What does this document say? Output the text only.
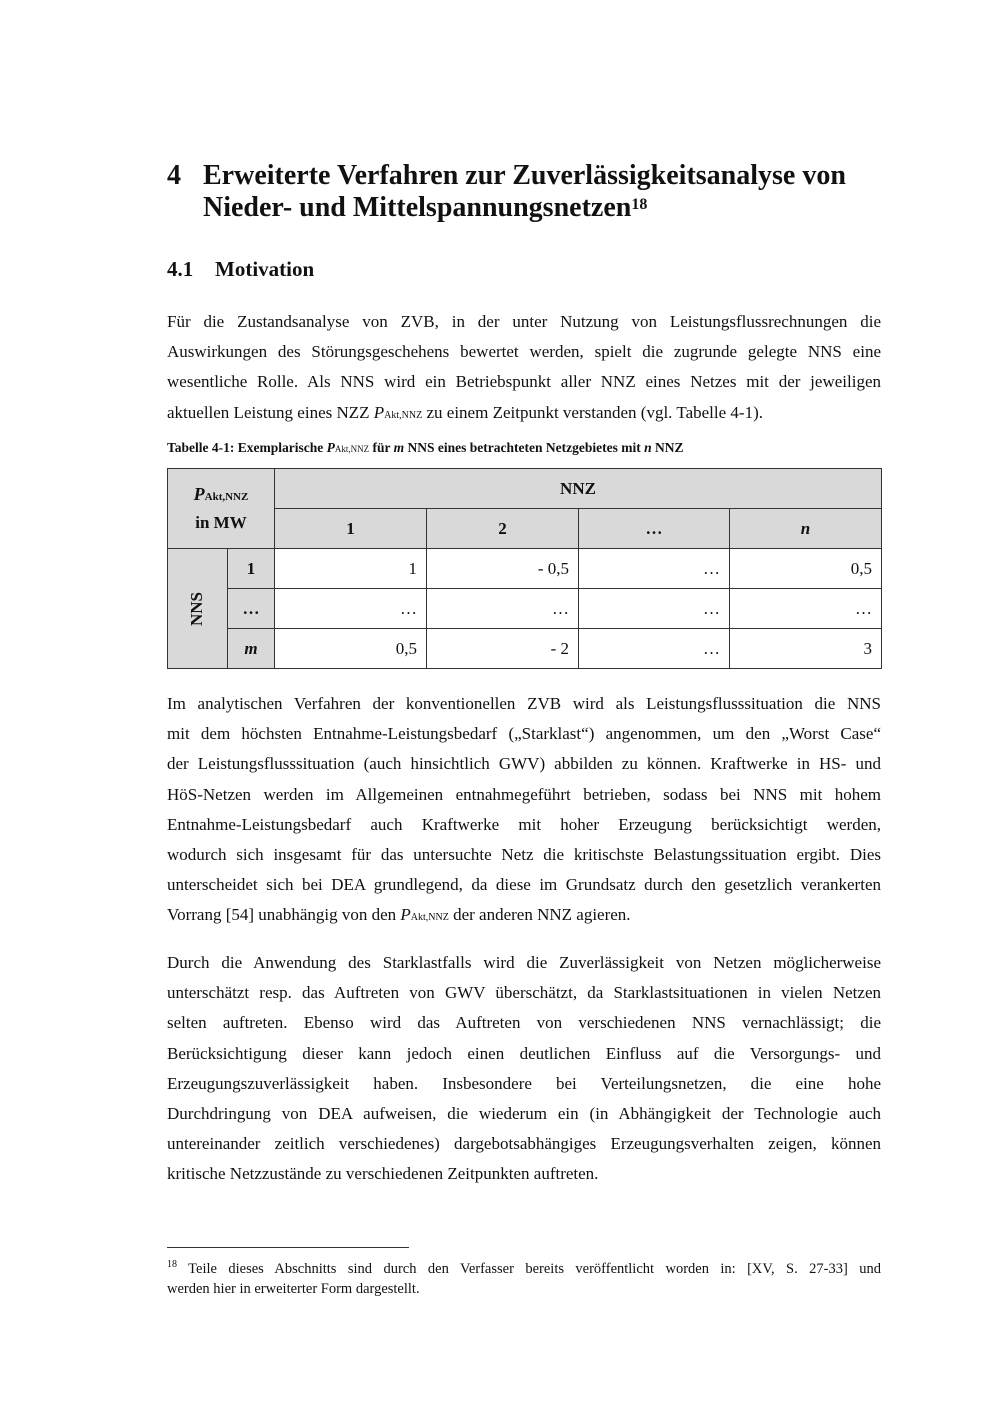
4 Erweiterte Verfahren zur Zuverlässigkeitsanalyse von
Nieder- und Mittelspannungsnetzen$^{18}$
4.1 Motivation

Für die Zustandsanalyse von ZVB, in der unter Nutzung von Leistungsflussrechnungen die
Auswirkungen des Störungsgeschehens bewertet werden, spielt die zugrunde gelegte NNS eine
wesentliche Rolle. Als NNS wird ein Betriebspunkt aller NNZ eines Netzes mit der jeweiligen
aktuellen Leistung eines NZZ PAkt,NNZ zu einem Zeitpunkt verstanden (vgl. Tabelle 4-1).

Tabelle 4-1: Exemplarische PAkt,NNZ für m NNS eines betrachteten Netzgebietes mit n NNZ
PAkt,NNZ
in MW		NNZ			
		1	2	…	n
NNS	1	1	- 0,5	…	0,5
	…	…	…	…	…
	m	0,5	- 2	…	3

Im analytischen Verfahren der konventionellen ZVB wird als Leistungsflusssituation die NNS
mit dem höchsten Entnahme-Leistungsbedarf („Starklast“) angenommen, um den „Worst Case“
der Leistungsflusssituation (auch hinsichtlich GWV) abbilden zu können. Kraftwerke in HS- und
HöS-Netzen werden im Allgemeinen entnahmegeführt betrieben, sodass bei NNS mit hohem
Entnahme-Leistungsbedarf auch Kraftwerke mit hoher Erzeugung berücksichtigt werden,
wodurch sich insgesamt für das untersuchte Netz die kritischste Belastungssituation ergibt. Dies
unterscheidet sich bei DEA grundlegend, da diese im Grundsatz durch den gesetzlich verankerten
Vorrang [54] unabhängig von den PAkt,NNZ der anderen NNZ agieren.

Durch die Anwendung des Starklastfalls wird die Zuverlässigkeit von Netzen möglicherweise
unterschätzt resp. das Auftreten von GWV überschätzt, da Starklastsituationen in vielen Netzen
selten auftreten. Ebenso wird das Auftreten von verschiedenen NNS vernachlässigt; die
Berücksichtigung dieser kann jedoch einen deutlichen Einfluss auf die Versorgungs- und
Erzeugungszuverlässigkeit haben. Insbesondere bei Verteilungsnetzen, die eine hohe
Durchdringung von DEA aufweisen, die wiederum ein (in Abhängigkeit der Technologie auch
untereinander zeitlich verschiedenes) dargebotsabhängiges Erzeugungsverhalten zeigen, können
kritische Netzzustände zu verschiedenen Zeitpunkten auftreten.

$^{18}$ Teile dieses Abschnitts sind durch den Verfasser bereits veröffentlicht worden in: [XV, S. 27-33] und
werden hier in erweiterter Form dargestellt.
